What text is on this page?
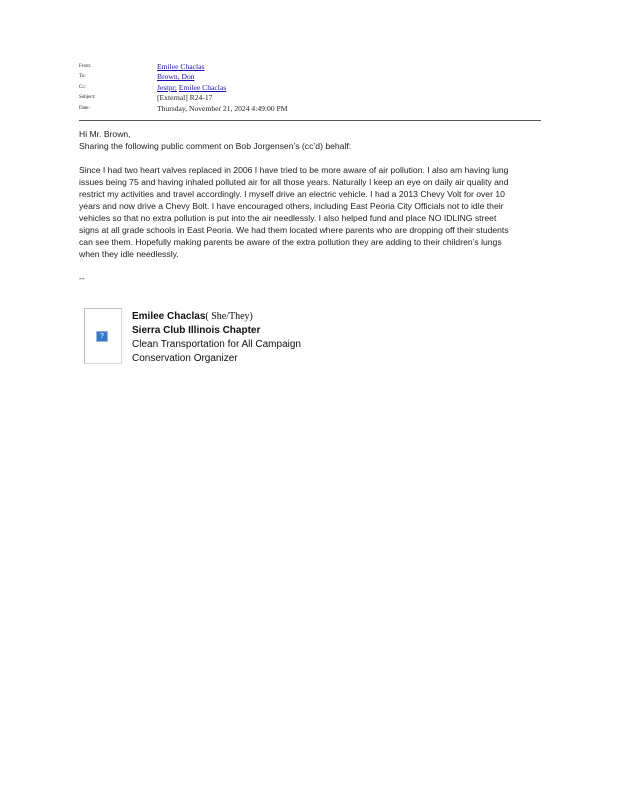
From:	Emilee Chaclas
To:	Brown, Don
Cc:	Jestpr; Emilee Chaclas
Subject:	[External] R24-17
Date:	Thursday, November 21, 2024 4:49:00 PM

Hi Mr. Brown,

Sharing the following public comment on Bob Jorgensen’s (cc’d) behalf:

Since I had two heart valves replaced in 2006 I have tried to be more aware of air pollution. I also am having lung

issues being 75 and having inhaled polluted air for all those years. Naturally I keep an eye on daily air quality and

restrict my activities and travel accordingly. I myself drive an electric vehicle. I had a 2013 Chevy Volt for over 10

years and now drive a Chevy Bolt. I have encouraged others, including East Peoria City Officials not to idle their

vehicles so that no extra pollution is put into the air needlessly. I also helped fund and place NO IDLING street

signs at all grade schools in East Peoria. We had them located where parents who are dropping off their students

can see them. Hopefully making parents be aware of the extra pollution they are adding to their children’s lungs

when they idle needlessly.

--

?
Emilee Chaclas( She/They)
Sierra Club Illinois Chapter
Clean Transportation for All Campaign
Conservation Organizer
